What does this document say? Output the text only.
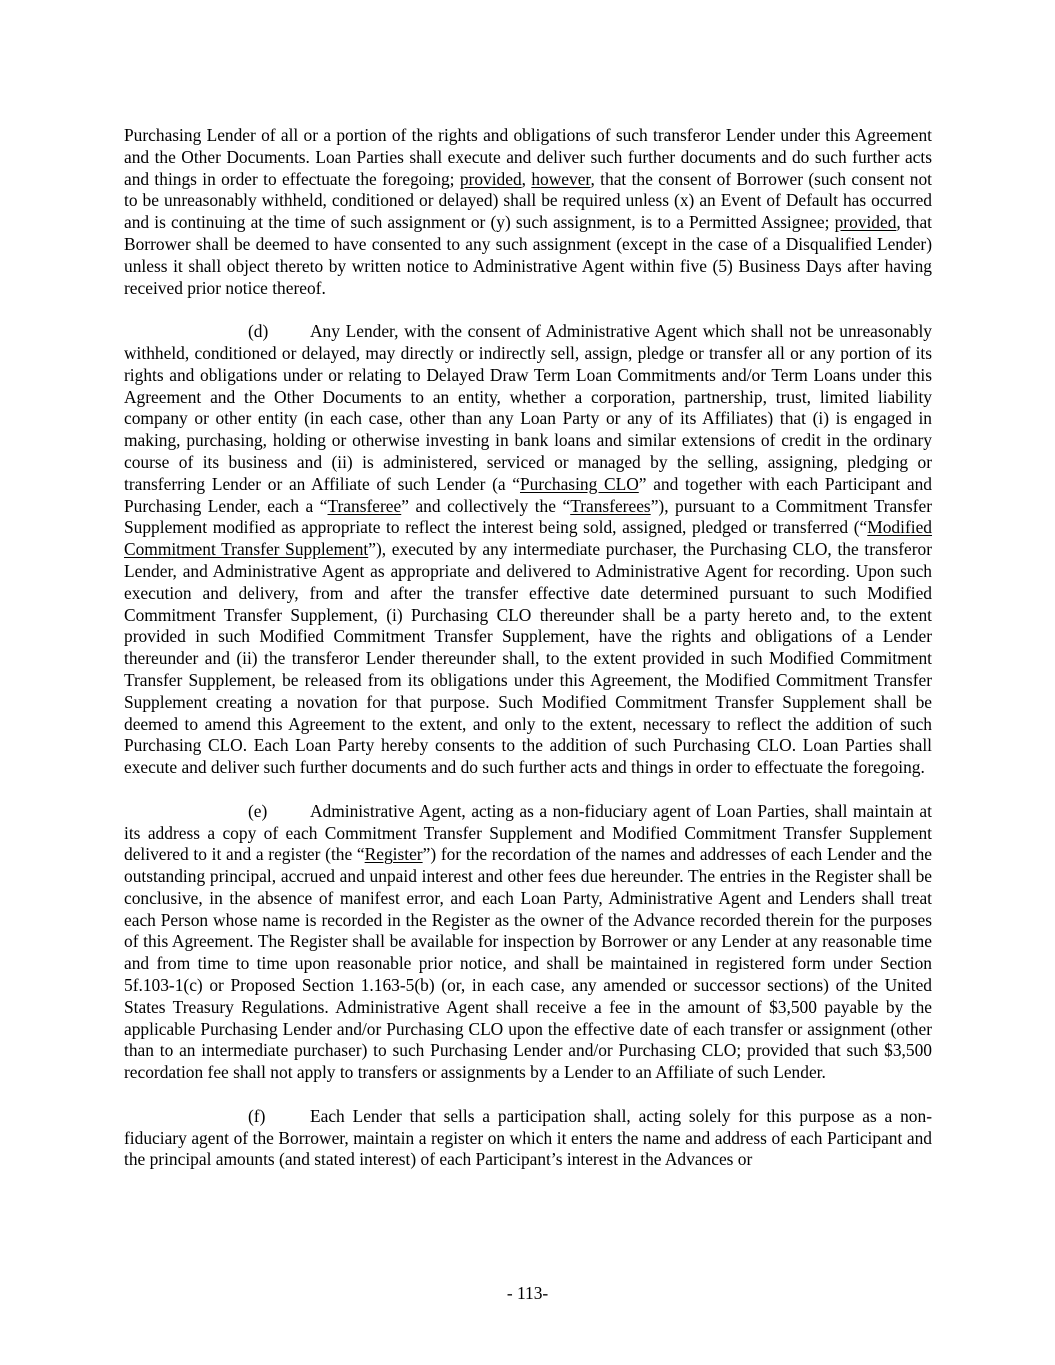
Purchasing Lender of all or a portion of the rights and obligations of such transferor Lender under this Agreement and the Other Documents. Loan Parties shall execute and deliver such further documents and do such further acts and things in order to effectuate the foregoing; provided, however, that the consent of Borrower (such consent not to be unreasonably withheld, conditioned or delayed) shall be required unless (x) an Event of Default has occurred and is continuing at the time of such assignment or (y) such assignment, is to a Permitted Assignee; provided, that Borrower shall be deemed to have consented to any such assignment (except in the case of a Disqualified Lender) unless it shall object thereto by written notice to Administrative Agent within five (5) Business Days after having received prior notice thereof.

(d) Any Lender, with the consent of Administrative Agent which shall not be unreasonably withheld, conditioned or delayed, may directly or indirectly sell, assign, pledge or transfer all or any portion of its rights and obligations under or relating to Delayed Draw Term Loan Commitments and/or Term Loans under this Agreement and the Other Documents to an entity, whether a corporation, partnership, trust, limited liability company or other entity (in each case, other than any Loan Party or any of its Affiliates) that (i) is engaged in making, purchasing, holding or otherwise investing in bank loans and similar extensions of credit in the ordinary course of its business and (ii) is administered, serviced or managed by the selling, assigning, pledging or transferring Lender or an Affiliate of such Lender (a “Purchasing CLO” and together with each Participant and Purchasing Lender, each a “Transferee” and collectively the “Transferees”), pursuant to a Commitment Transfer Supplement modified as appropriate to reflect the interest being sold, assigned, pledged or transferred (“Modified Commitment Transfer Supplement”), executed by any intermediate purchaser, the Purchasing CLO, the transferor Lender, and Administrative Agent as appropriate and delivered to Administrative Agent for recording. Upon such execution and delivery, from and after the transfer effective date determined pursuant to such Modified Commitment Transfer Supplement, (i) Purchasing CLO thereunder shall be a party hereto and, to the extent provided in such Modified Commitment Transfer Supplement, have the rights and obligations of a Lender thereunder and (ii) the transferor Lender thereunder shall, to the extent provided in such Modified Commitment Transfer Supplement, be released from its obligations under this Agreement, the Modified Commitment Transfer Supplement creating a novation for that purpose. Such Modified Commitment Transfer Supplement shall be deemed to amend this Agreement to the extent, and only to the extent, necessary to reflect the addition of such Purchasing CLO. Each Loan Party hereby consents to the addition of such Purchasing CLO. Loan Parties shall execute and deliver such further documents and do such further acts and things in order to effectuate the foregoing.

(e) Administrative Agent, acting as a non-fiduciary agent of Loan Parties, shall maintain at its address a copy of each Commitment Transfer Supplement and Modified Commitment Transfer Supplement delivered to it and a register (the “Register”) for the recordation of the names and addresses of each Lender and the outstanding principal, accrued and unpaid interest and other fees due hereunder. The entries in the Register shall be conclusive, in the absence of manifest error, and each Loan Party, Administrative Agent and Lenders shall treat each Person whose name is recorded in the Register as the owner of the Advance recorded therein for the purposes of this Agreement. The Register shall be available for inspection by Borrower or any Lender at any reasonable time and from time to time upon reasonable prior notice, and shall be maintained in registered form under Section 5f.103-1(c) or Proposed Section 1.163-5(b) (or, in each case, any amended or successor sections) of the United States Treasury Regulations. Administrative Agent shall receive a fee in the amount of $3,500 payable by the applicable Purchasing Lender and/or Purchasing CLO upon the effective date of each transfer or assignment (other than to an intermediate purchaser) to such Purchasing Lender and/or Purchasing CLO; provided that such $3,500 recordation fee shall not apply to transfers or assignments by a Lender to an Affiliate of such Lender.

(f)	Each Lender that sells a participation shall, acting solely for this purpose as a non-fiduciary agent of the Borrower, maintain a register on which it enters the name and address of each Participant and the principal amounts (and stated interest) of each Participant’s interest in the Advances or

- 113-
